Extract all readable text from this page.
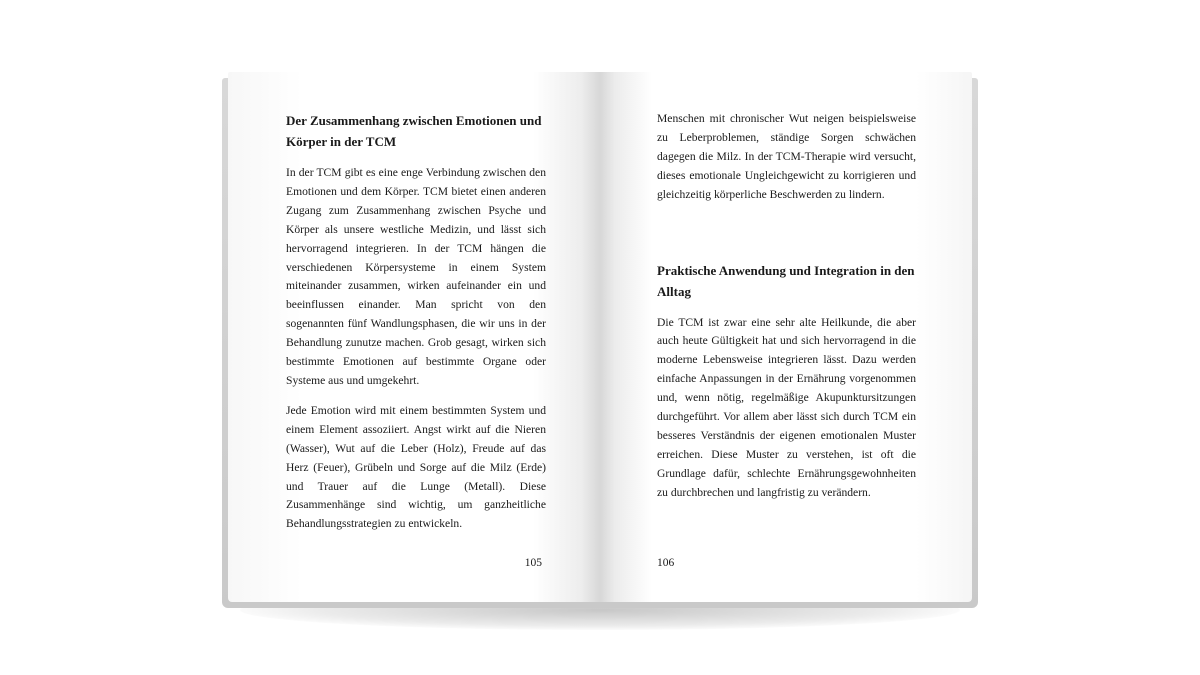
Der Zusammenhang zwischen Emotionen und Körper in der TCM

In der TCM gibt es eine enge Verbindung zwischen den Emotionen und dem Körper. TCM bietet einen anderen Zugang zum Zusammenhang zwischen Psyche und Körper als unsere westliche Medizin, und lässt sich hervorragend integrieren. In der TCM hängen die verschiedenen Körpersysteme in einem System miteinander zusammen, wirken aufeinander ein und beeinflussen einander. Man spricht von den sogenannten fünf Wandlungsphasen, die wir uns in der Behandlung zunutze machen. Grob gesagt, wirken sich bestimmte Emotionen auf bestimmte Organe oder Systeme aus und umgekehrt.

Jede Emotion wird mit einem bestimmten System und einem Element assoziiert. Angst wirkt auf die Nieren (Wasser), Wut auf die Leber (Holz), Freude auf das Herz (Feuer), Grübeln und Sorge auf die Milz (Erde) und Trauer auf die Lunge (Metall). Diese Zusammenhänge sind wichtig, um ganzheitliche Behandlungsstrategien zu entwickeln.

105

Menschen mit chronischer Wut neigen beispielsweise zu Leberproblemen, ständige Sorgen schwächen dagegen die Milz. In der TCM-Therapie wird versucht, dieses emotionale Ungleichgewicht zu korrigieren und gleichzeitig körperliche Beschwerden zu lindern.

Praktische Anwendung und Integration in den Alltag

Die TCM ist zwar eine sehr alte Heilkunde, die aber auch heute Gültigkeit hat und sich hervorragend in die moderne Lebensweise integrieren lässt. Dazu werden einfache Anpassungen in der Ernährung vorgenommen und, wenn nötig, regelmäßige Akupunktursitzungen durchgeführt. Vor allem aber lässt sich durch TCM ein besseres Verständnis der eigenen emotionalen Muster erreichen. Diese Muster zu verstehen, ist oft die Grundlage dafür, schlechte Ernährungsgewohnheiten zu durchbrechen und langfristig zu verändern.

106
